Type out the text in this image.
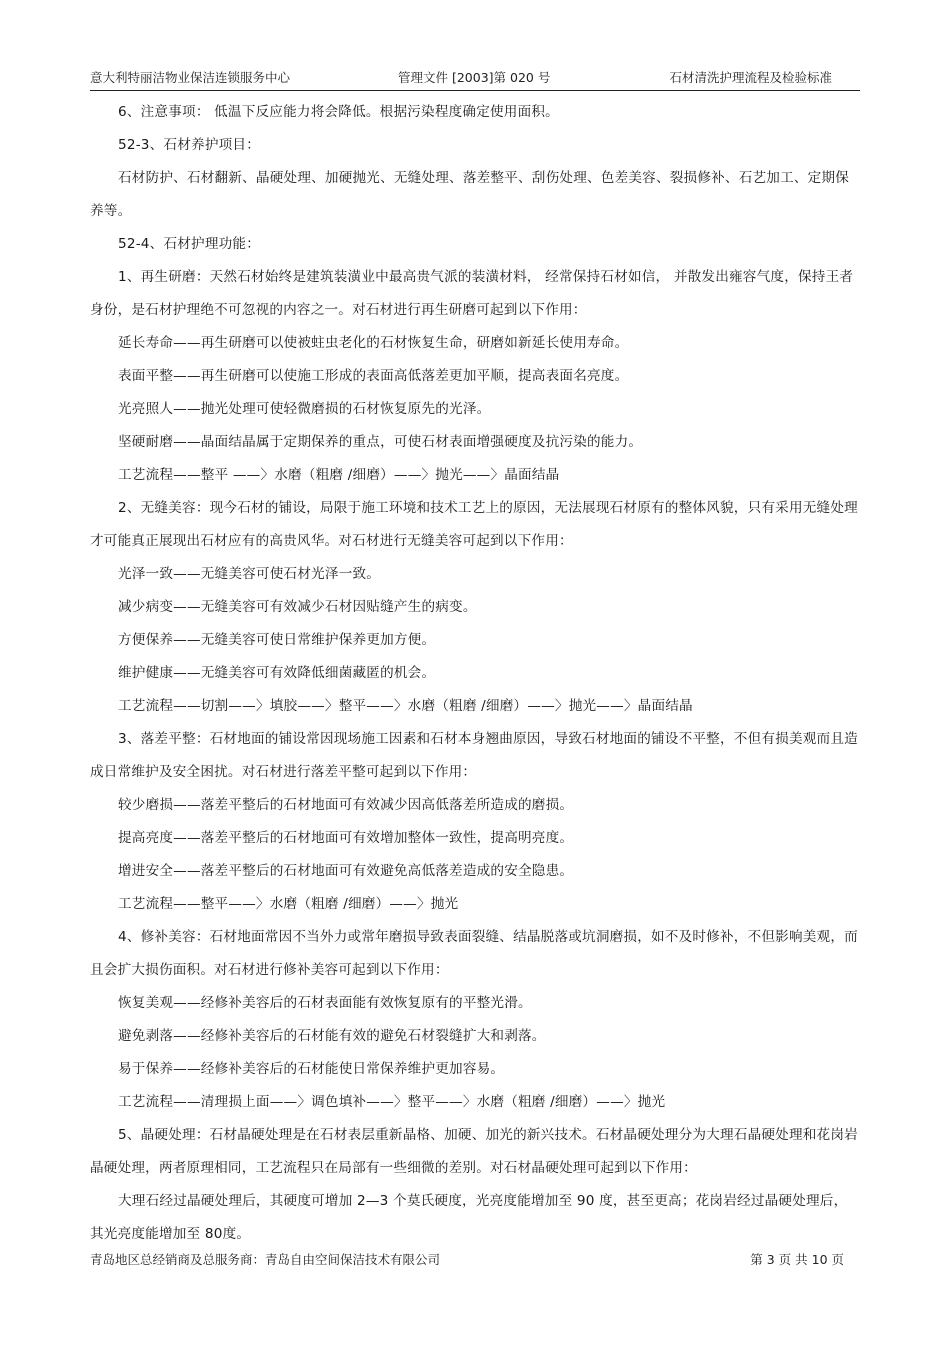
意大利特丽洁物业保洁连锁服务中心	管理文件 [2003]第 020 号	石材清洗护理流程及检验标准

6、注意事项： 低温下反应能力将会降低。根据污染程度确定使用面积。

52-3、石材养护项目：

石材防护、石材翻新、晶硬处理、加硬抛光、无缝处理、落差整平、刮伤处理、色差美容、裂损修补、石艺加工、定期保养等。

52-4、石材护理功能：

1、再生研磨：天然石材始终是建筑装潢业中最高贵气派的装潢材料， 经常保持石材如信， 并散发出雍容气度，保持王者身份，是石材护理绝不可忽视的内容之一。对石材进行再生研磨可起到以下作用：

延长寿命——再生研磨可以使被蛀虫老化的石材恢复生命，研磨如新延长使用寿命。

表面平整——再生研磨可以使施工形成的表面高低落差更加平顺，提高表面名亮度。

光亮照人——抛光处理可使轻微磨损的石材恢复原先的光泽。

坚硬耐磨——晶面结晶属于定期保养的重点，可使石材表面增强硬度及抗污染的能力。

工艺流程——整平 ——〉水磨（粗磨 /细磨）——〉抛光——〉晶面结晶

2、无缝美容：现今石材的铺设，局限于施工环境和技术工艺上的原因，无法展现石材原有的整体风貌，只有采用无缝处理才可能真正展现出石材应有的高贵风华。对石材进行无缝美容可起到以下作用：

光泽一致——无缝美容可使石材光泽一致。

减少病变——无缝美容可有效减少石材因贴缝产生的病变。

方便保养——无缝美容可使日常维护保养更加方便。

维护健康——无缝美容可有效降低细菌藏匿的机会。

工艺流程——切割——〉填胶——〉整平——〉水磨（粗磨 /细磨）——〉抛光——〉晶面结晶

3、落差平整：石材地面的铺设常因现场施工因素和石材本身翘曲原因，导致石材地面的铺设不平整，不但有损美观而且造成日常维护及安全困扰。对石材进行落差平整可起到以下作用：

较少磨损——落差平整后的石材地面可有效减少因高低落差所造成的磨损。

提高亮度——落差平整后的石材地面可有效增加整体一致性，提高明亮度。

增进安全——落差平整后的石材地面可有效避免高低落差造成的安全隐患。

工艺流程——整平——〉水磨（粗磨 /细磨）——〉抛光

4、修补美容：石材地面常因不当外力或常年磨损导致表面裂缝、结晶脱落或坑洞磨损，如不及时修补，不但影响美观，而且会扩大损伤面积。对石材进行修补美容可起到以下作用：

恢复美观——经修补美容后的石材表面能有效恢复原有的平整光滑。

避免剥落——经修补美容后的石材能有效的避免石材裂缝扩大和剥落。

易于保养——经修补美容后的石材能使日常保养维护更加容易。

工艺流程——清理损上面——〉调色填补——〉整平——〉水磨（粗磨 /细磨）——〉抛光

5、晶硬处理：石材晶硬处理是在石材表层重新晶格、加硬、加光的新兴技术。石材晶硬处理分为大理石晶硬处理和花岗岩晶硬处理，两者原理相同，工艺流程只在局部有一些细微的差别。对石材晶硬处理可起到以下作用：

大理石经过晶硬处理后，其硬度可增加 2—3 个莫氏硬度，光亮度能增加至 90 度，甚至更高；花岗岩经过晶硬处理后，其光亮度能增加至 80度。

青岛地区总经销商及总服务商：青岛自由空间保洁技术有限公司	第 3 页 共 10 页
